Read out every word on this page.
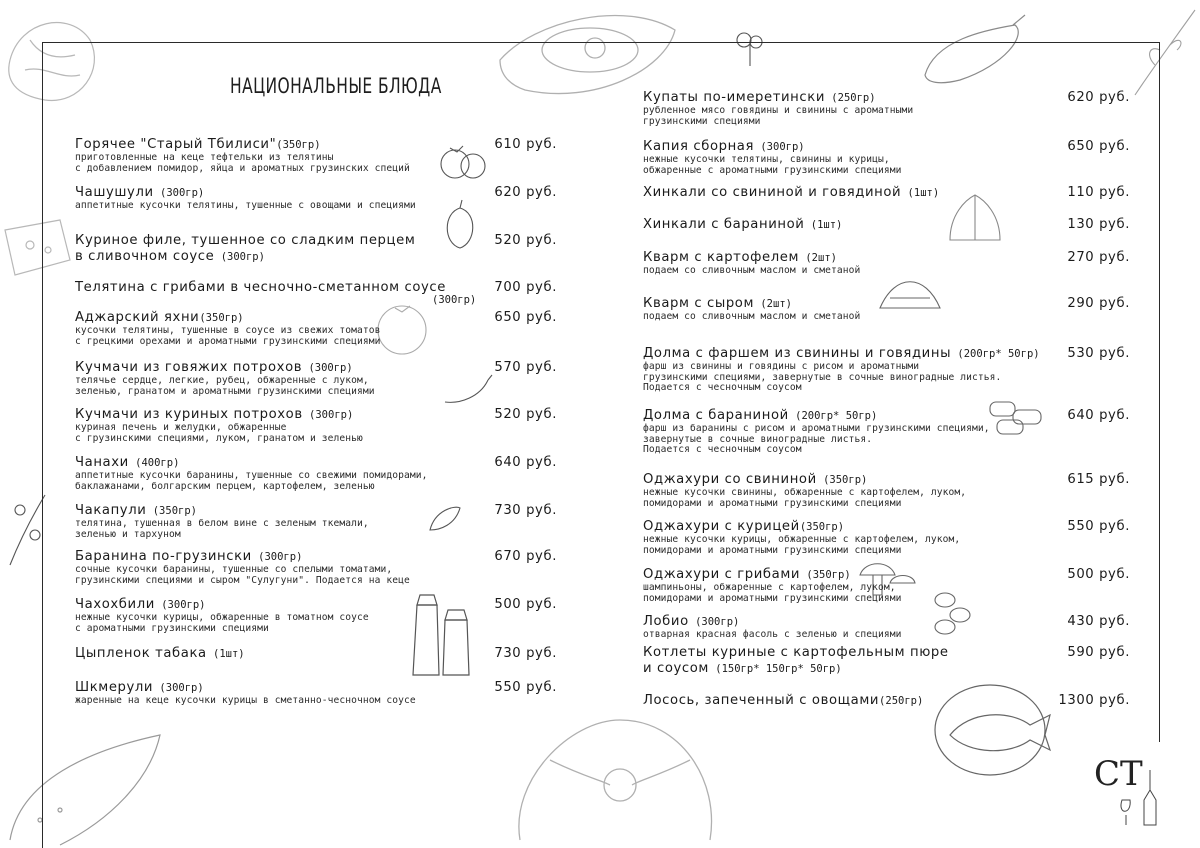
НАЦИОНАЛЬНЫЕ БЛЮДА
Горячее "Старый Тбилиси"(350гр)
приготовленные на кеце тефтельки из телятины
с добавлением помидор, яйца и ароматных грузинских специй
610 руб.
Чашушули (300гр)
аппетитные кусочки телятины, тушенные с овощами и специями
620 руб.
Куриное филе, тушенное со сладким перцем
в сливочном соусе (300гр)
520 руб.
Телятина с грибами в чесночно-сметанном соусе
(300гр)
700 руб.
Аджарский яхни(350гр)
кусочки телятины, тушенные в соусе из свежих томатов
с грецкими орехами и ароматными грузинскими специями
650 руб.
Кучмачи из говяжих потрохов (300гр)
телячье сердце, легкие, рубец, обжаренные с луком,
зеленью, гранатом и ароматными грузинскими специями
570 руб.
Кучмачи из куриных потрохов (300гр)
куриная печень и желудки, обжаренные
с грузинскими специями, луком, гранатом и зеленью
520 руб.
Чанахи (400гр)
аппетитные кусочки баранины, тушенные со свежими помидорами,
баклажанами, болгарским перцем, картофелем, зеленью
640 руб.
Чакапули (350гр)
телятина, тушенная в белом вине с зеленым ткемали,
зеленью и тархуном
730 руб.
Баранина по-грузински (300гр)
сочные кусочки баранины, тушенные со спелыми томатами,
грузинскими специями и сыром "Сулугуни". Подается на кеце
670 руб.
Чахохбили (300гр)
нежные кусочки курицы, обжаренные в томатном соусе
с ароматными грузинскими специями
500 руб.
Цыпленок табака (1шт)	730 руб.
Шкмерули (300гр)
жаренные на кеце кусочки курицы в сметанно-чесночном соусе
550 руб.
Купаты по-имеретински (250гр)
рубленное мясо говядины и свинины с ароматными
грузинскими специями
620 руб.
Капия сборная (300гр)
нежные кусочки телятины, свинины и курицы,
обжаренные с ароматными грузинскими специями
650 руб.
Хинкали со свининой и говядиной (1шт)	110 руб.
Хинкали с бараниной (1шт)	130 руб.
Кварм с картофелем (2шт)
подаем со сливочным маслом и сметаной
270 руб.
Кварм с сыром (2шт)
подаем со сливочным маслом и сметаной
290 руб.
Долма с фаршем из свинины и говядины (200гр* 50гр)
фарш из свинины и говядины с рисом и ароматными
грузинскими специями, завернутые в сочные виноградные листья.
Подается с чесночным соусом
530 руб.
Долма с бараниной (200гр* 50гр)
фарш из баранины с рисом и ароматными грузинскими специями,
завернутые в сочные виноградные листья.
Подается с чесночным соусом
640 руб.
Оджахури со свининой (350гр)
нежные кусочки свинины, обжаренные с картофелем, луком,
помидорами и ароматными грузинскими специями
615 руб.
Оджахури с курицей(350гр)
нежные кусочки курицы, обжаренные с картофелем, луком,
помидорами и ароматными грузинскими специями
550 руб.
Оджахури с грибами (350гр)
шампиньоны, обжаренные с картофелем, луком,
помидорами и ароматными грузинскими специями
500 руб.
Лобио (300гр)
отварная красная фасоль с зеленью и специями
430 руб.
Котлеты куриные с картофельным пюре
и соусом (150гр* 150гр* 50гр)
590 руб.
Лосось, запеченный с овощами(250гр)	1300 руб.
СТ
